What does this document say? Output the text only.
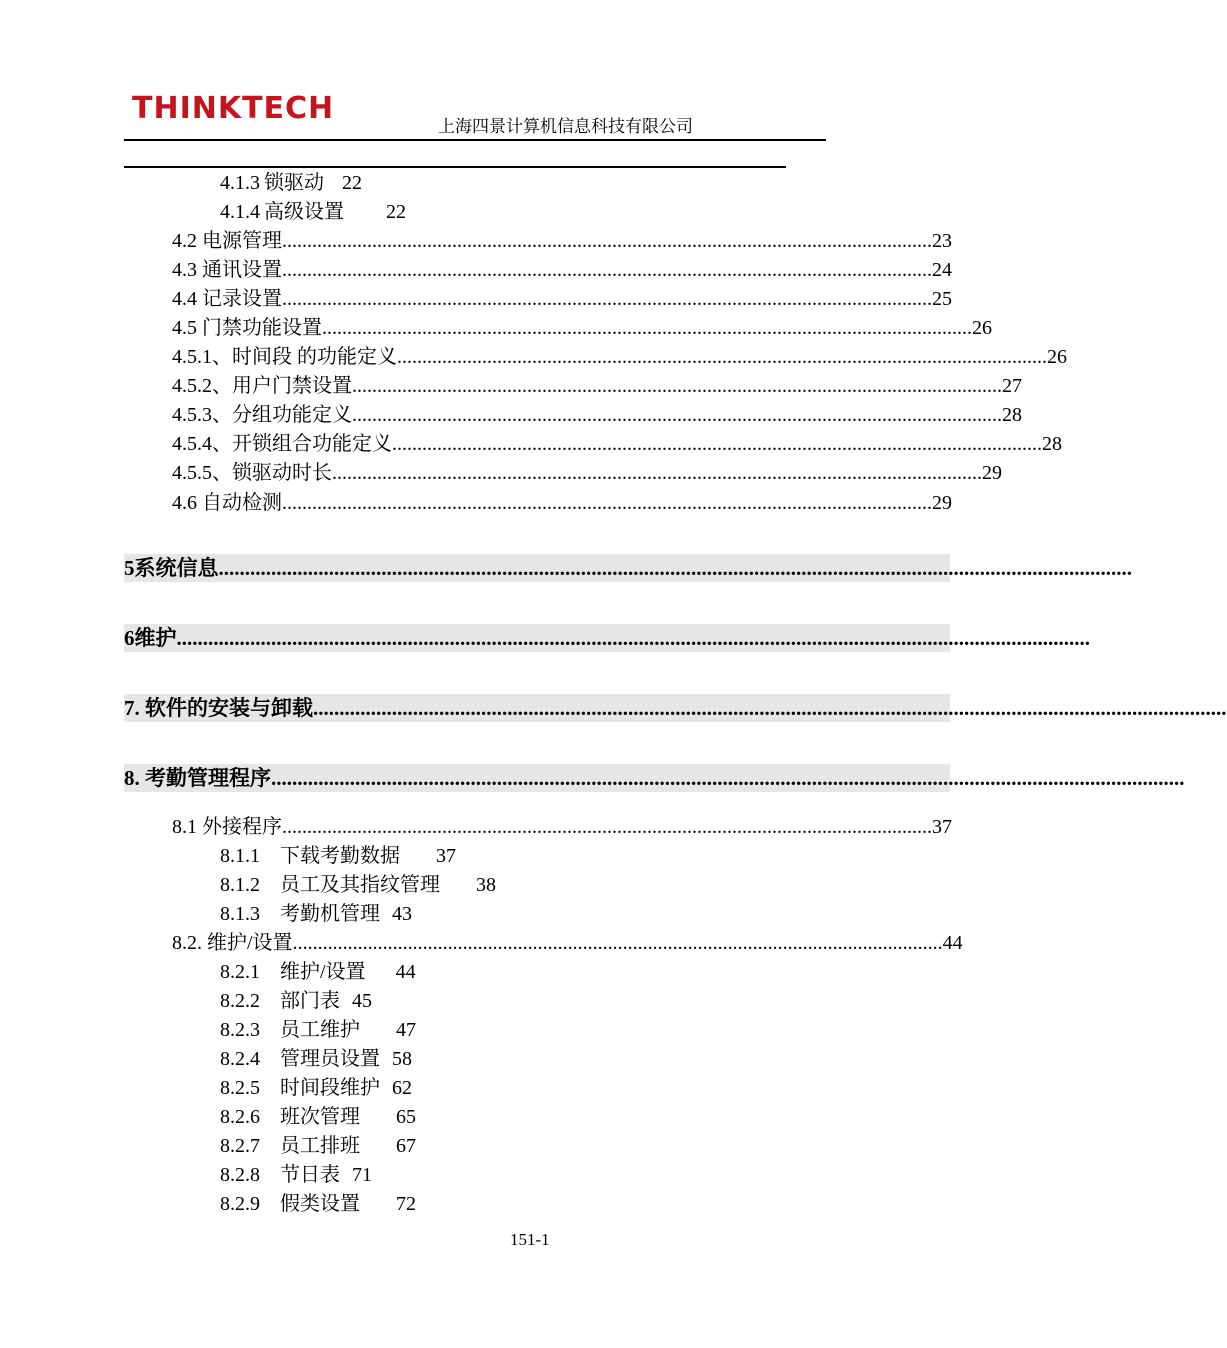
THINKTECH
上海四景计算机信息科技有限公司
4.1.3 锁驱动 22
4.1.4 高级设置 22
4.2 电源管理 .................................................................................................................................. 23
4.3 通讯设置 .................................................................................................................................. 24
4.4 记录设置 .................................................................................................................................. 25
4.5 门禁功能设置 .................................................................................................................................. 26
4.5.1、时间段 的功能定义 .................................................................................................................................. 26
4.5.2、用户门禁设置 .................................................................................................................................. 27
4.5.3、分组功能定义 .................................................................................................................................. 28
4.5.4、开锁组合功能定义 .................................................................................................................................. 28
4.5.5、锁驱动时长 .................................................................................................................................. 29
4.6 自动检测 .................................................................................................................................. 29
5 系统信息 ..............................................................................................................................................................................
6 维护 ..............................................................................................................................................................................
7. 软件的安装与卸载 ..............................................................................................................................................................................
8. 考勤管理程序 ..............................................................................................................................................................................
8.1 外接程序 .................................................................................................................................. 37
8.1.1	下载考勤数据 37
8.1.2	员工及其指纹管理 38
8.1.3	考勤机管理 43
8.2. 维护/设置 .................................................................................................................................. 44
8.2.1	维护/设置 44
8.2.2	部门表 45
8.2.3	员工维护 47
8.2.4	管理员设置 58
8.2.5	时间段维护 62
8.2.6	班次管理 65
8.2.7	员工排班 67
8.2.8	节日表 71
8.2.9	假类设置 72
151-1
